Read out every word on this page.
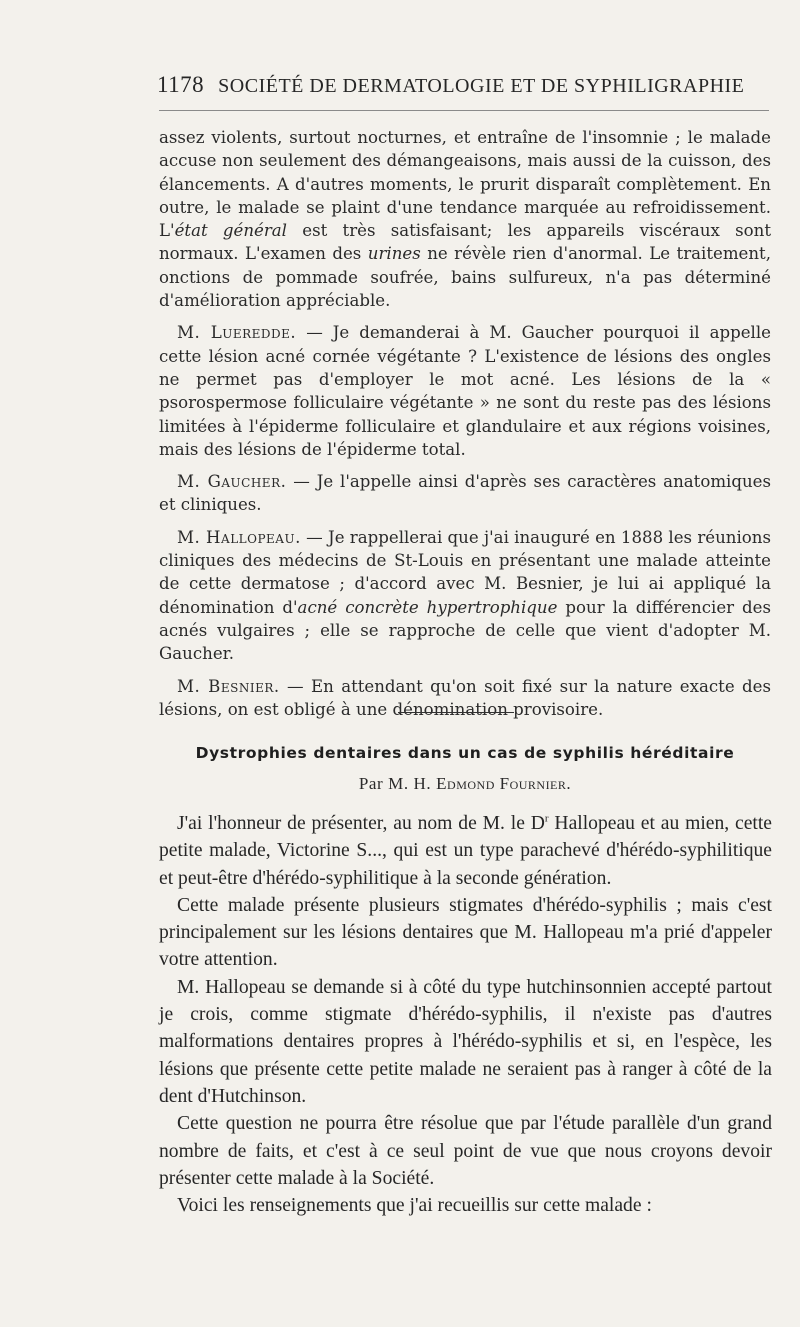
1178 SOCIÉTÉ DE DERMATOLOGIE ET DE SYPHILIGRAPHIE

assez violents, surtout nocturnes, et entraîne de l'insomnie ; le malade accuse non seulement des démangeaisons, mais aussi de la cuisson, des élancements. A d'autres moments, le prurit disparaît complètement. En outre, le malade se plaint d'une tendance marquée au refroidissement. L'état général est très satisfaisant; les appareils viscéraux sont normaux. L'examen des urines ne révèle rien d'anormal. Le traitement, onctions de pommade soufrée, bains sulfureux, n'a pas déterminé d'amélioration appréciable.

M. Lueredde. — Je demanderai à M. Gaucher pourquoi il appelle cette lésion acné cornée végétante ? L'existence de lésions des ongles ne permet pas d'employer le mot acné. Les lésions de la « psorospermose folliculaire végétante » ne sont du reste pas des lésions limitées à l'épiderme folliculaire et glandulaire et aux régions voisines, mais des lésions de l'épiderme total.

M. Gaucher. — Je l'appelle ainsi d'après ses caractères anatomiques et cliniques.

M. Hallopeau. — Je rappellerai que j'ai inauguré en 1888 les réunions cliniques des médecins de St-Louis en présentant une malade atteinte de cette dermatose ; d'accord avec M. Besnier, je lui ai appliqué la dénomination d'acné concrète hypertrophique pour la différencier des acnés vulgaires ; elle se rapproche de celle que vient d'adopter M. Gaucher.

M. Besnier. — En attendant qu'on soit fixé sur la nature exacte des lésions, on est obligé à une dénomination provisoire.

Dystrophies dentaires dans un cas de syphilis héréditaire
Par M. H. Edmond Fournier.

J'ai l'honneur de présenter, au nom de M. le $D^r$ Hallopeau et au mien, cette petite malade, Victorine S..., qui est un type parachevé d'hérédo-syphilitique et peut-être d'hérédo-syphilitique à la seconde génération.

Cette malade présente plusieurs stigmates d'hérédo-syphilis ; mais c'est principalement sur les lésions dentaires que M. Hallopeau m'a prié d'appeler votre attention.

M. Hallopeau se demande si à côté du type hutchinsonnien accepté partout je crois, comme stigmate d'hérédo-syphilis, il n'existe pas d'autres malformations dentaires propres à l'hérédo-syphilis et si, en l'espèce, les lésions que présente cette petite malade ne seraient pas à ranger à côté de la dent d'Hutchinson.

Cette question ne pourra être résolue que par l'étude parallèle d'un grand nombre de faits, et c'est à ce seul point de vue que nous croyons devoir présenter cette malade à la Société.

Voici les renseignements que j'ai recueillis sur cette malade :
